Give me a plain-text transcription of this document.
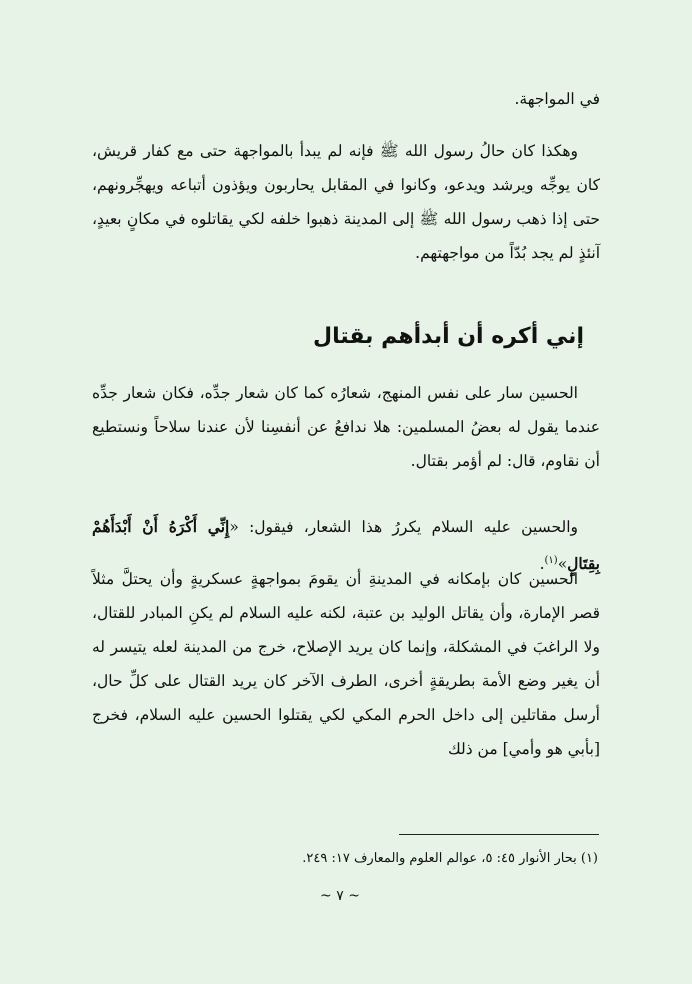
في المواجهة.

وهكذا كان حالُ رسول الله ﷺ فإنه لم يبدأ بالمواجهة حتى مع كفار قريش، كان يوجِّه ويرشد ويدعو، وكانوا في المقابل يحاربون ويؤذون أتباعه ويهجِّرونهم، حتى إذا ذهب رسول الله ﷺ إلى المدينة ذهبوا خلفه لكي يقاتلوه في مكانٍ بعيدٍ، آنئذٍ لم يجد بُدّاً من مواجهتهم.

إني أكره أن أبدأهم بقتال

الحسين سار على نفس المنهج، شعارُه كما كان شعار جدِّه، فكان شعار جدِّه عندما يقول له بعضُ المسلمين: هلا ندافعُ عن أنفسِنا لأن عندنا سلاحاً ونستطيع أن نقاوم، قال: لم أؤمر بقتال.

والحسين عليه السلام يكررُ هذا الشعار، فيقول: «إِنِّي أَكْرَهُ أَنْ أَبْدَأَهُمْ بِقِتَالٍ»$^{(١)}$.

الحسين كان بإمكانه في المدينةِ أن يقومَ بمواجهةٍ عسكريةٍ وأن يحتلَّ مثلاً قصر الإمارة، وأن يقاتل الوليد بن عتبة، لكنه عليه السلام لم يكنِ المبادر للقتال، ولا الراغبَ في المشكلة، وإنما كان يريد الإصلاح، خرج من المدينة لعله يتيسر له أن يغير وضع الأمة بطريقةٍ أخرى، الطرف الآخر كان يريد القتال على كلِّ حال، أرسل مقاتلين إلى داخل الحرم المكي لكي يقتلوا الحسين عليه السلام، فخرج [بأبي هو وأمي] من ذلك

(١) بحار الأنوار ٤٥: ٥، عوالم العلوم والمعارف ١٧: ٢٤٩.

~ ٧ ~
